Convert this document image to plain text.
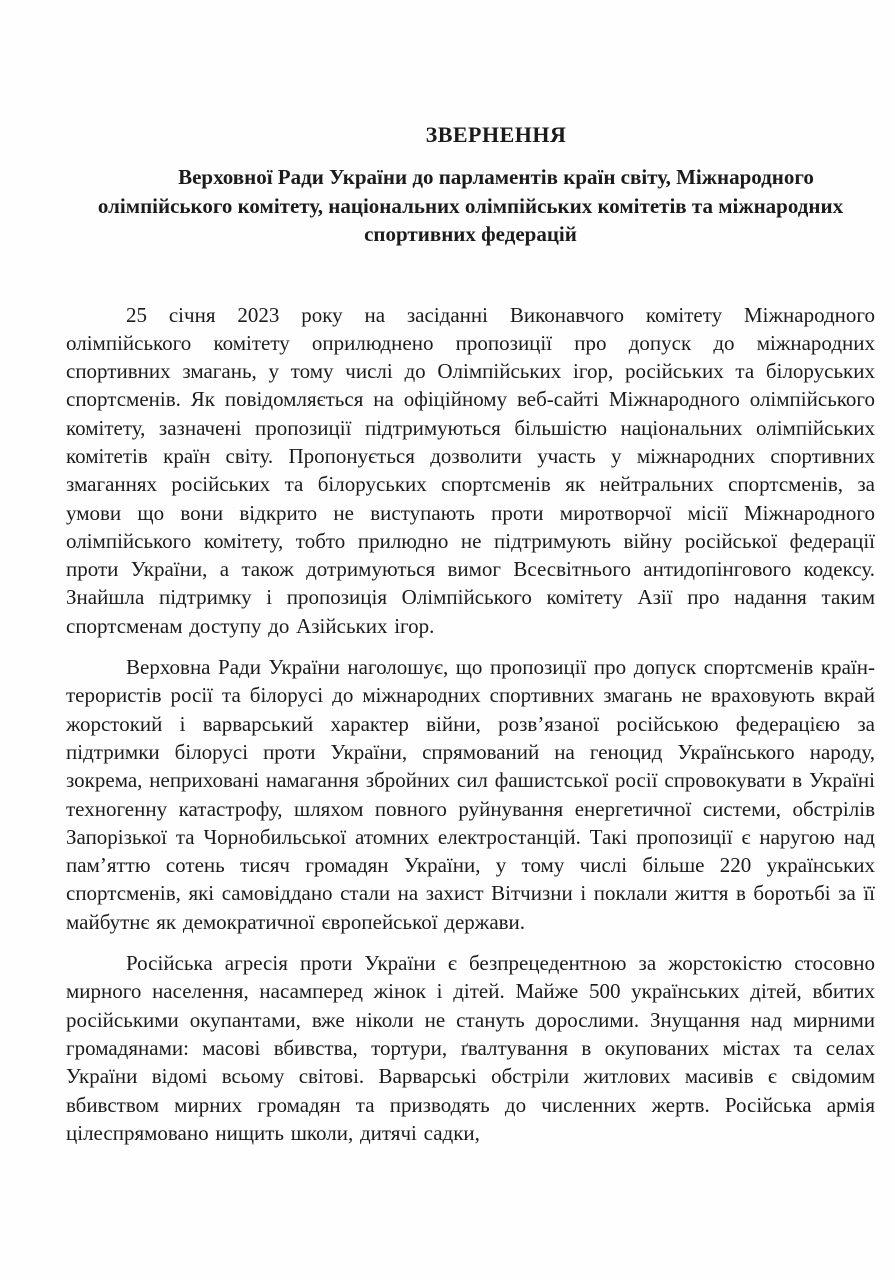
ЗВЕРНЕННЯ
Верховної Ради України до парламентів країн світу, Міжнародного олімпійського комітету, національних олімпійських комітетів та міжнародних спортивних федерацій

25 січня 2023 року на засіданні Виконавчого комітету Міжнародного олімпійського комітету оприлюднено пропозиції про допуск до міжнародних спортивних змагань, у тому числі до Олімпійських ігор, російських та білоруських спортсменів. Як повідомляється на офіційному веб-сайті Міжнародного олімпійського комітету, зазначені пропозиції підтримуються більшістю національних олімпійських комітетів країн світу. Пропонується дозволити участь у міжнародних спортивних змаганнях російських та білоруських спортсменів як нейтральних спортсменів, за умови що вони відкрито не виступають проти миротворчої місії Міжнародного олімпійського комітету, тобто прилюдно не підтримують війну російської федерації проти України, а також дотримуються вимог Всесвітнього антидопінгового кодексу. Знайшла підтримку і пропозиція Олімпійського комітету Азії про надання таким спортсменам доступу до Азійських ігор.

Верховна Ради України наголошує, що пропозиції про допуск спортсменів країн-терористів росії та білорусі до міжнародних спортивних змагань не враховують вкрай жорстокий і варварський характер війни, розв’язаної російською федерацією за підтримки білорусі проти України, спрямований на геноцид Українського народу, зокрема, неприховані намагання збройних сил фашистської росії спровокувати в Україні техногенну катастрофу, шляхом повного руйнування енергетичної системи, обстрілів Запорізької та Чорнобильської атомних електростанцій. Такі пропозиції є наругою над пам’яттю сотень тисяч громадян України, у тому числі більше 220 українських спортсменів, які самовіддано стали на захист Вітчизни і поклали життя в боротьбі за її майбутнє як демократичної європейської держави.

Російська агресія проти України є безпрецедентною за жорстокістю стосовно мирного населення, насамперед жінок і дітей. Майже 500 українських дітей, вбитих російськими окупантами, вже ніколи не стануть дорослими. Знущання над мирними громадянами: масові вбивства, тортури, ґвалтування в окупованих містах та селах України відомі всьому світові. Варварські обстріли житлових масивів є свідомим вбивством мирних громадян та призводять до численних жертв. Російська армія цілеспрямовано нищить школи, дитячі садки,
